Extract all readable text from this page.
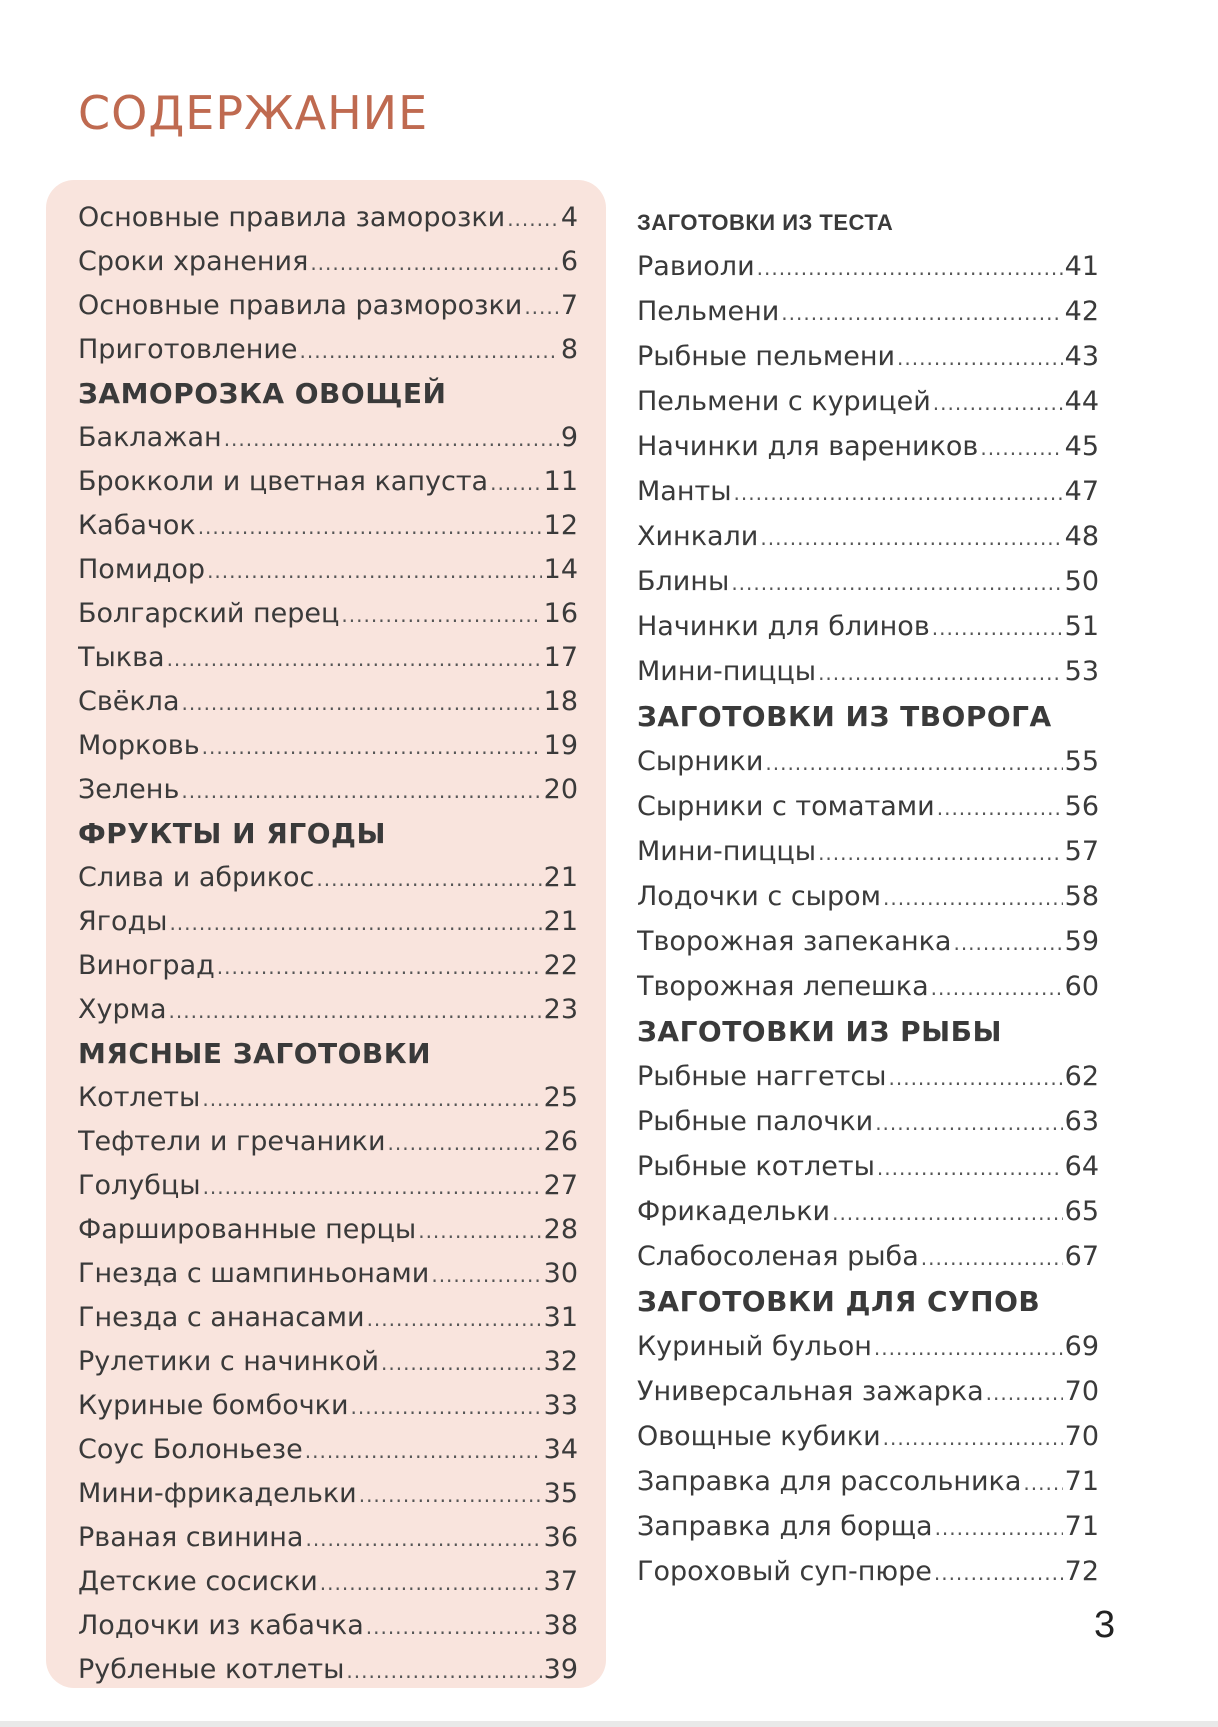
СОДЕРЖАНИЕ
Основные правила заморозки ..... 4
Сроки хранения .....	6
Основные правила разморозки ..... 7
Приготовление .....	8
ЗАМОРОЗКА ОВОЩЕЙ
Баклажан .....	9
Брокколи и цветная капуста ..... 11
Кабачок .....	12
Помидор .....	14
Болгарский перец .....	16
Тыква .....	17
Свёкла .....	18
Морковь .....	19
Зелень .....	20
ФРУКТЫ И ЯГОДЫ
Слива и абрикос .....	21
Ягоды .....	21
Виноград .....	22
Хурма .....	23
МЯСНЫЕ ЗАГОТОВКИ
Котлеты .....	25
Тефтели и гречаники .....	26
Голубцы .....	27
Фаршированные перцы .....	28
Гнезда с шампиньонами .....	30
Гнезда с ананасами .....	31
Рулетики с начинкой .....	32
Куриные бомбочки .....	33
Соус Болоньезе .....	34
Мини-фрикадельки .....	35
Рваная свинина .....	36
Детские сосиски .....	37
Лодочки из кабачка .....	38
Рубленые котлеты .....	39
ЗАГОТОВКИ ИЗ ТЕСТА
Равиоли .....	41
Пельмени .....	42
Рыбные пельмени .....	43
Пельмени с курицей .....	44
Начинки для вареников .....	45
Манты .....	47
Хинкали .....	48
Блины .....	50
Начинки для блинов .....	51
Мини-пиццы .....	53
ЗАГОТОВКИ ИЗ ТВОРОГА
Сырники .....	55
Сырники с томатами .....	56
Мини-пиццы .....	57
Лодочки с сыром .....	58
Творожная запеканка .....	59
Творожная лепешка .....	60
ЗАГОТОВКИ ИЗ РЫБЫ
Рыбные наггетсы .....	62
Рыбные палочки .....	63
Рыбные котлеты .....	64
Фрикадельки .....	65
Слабосоленая рыба .....	67
ЗАГОТОВКИ ДЛЯ СУПОВ
Куриный бульон .....	69
Универсальная зажарка .....	70
Овощные кубики .....	70
Заправка для рассольника ..... 71
Заправка для борща .....	71
Гороховый суп-пюре .....	72
3
